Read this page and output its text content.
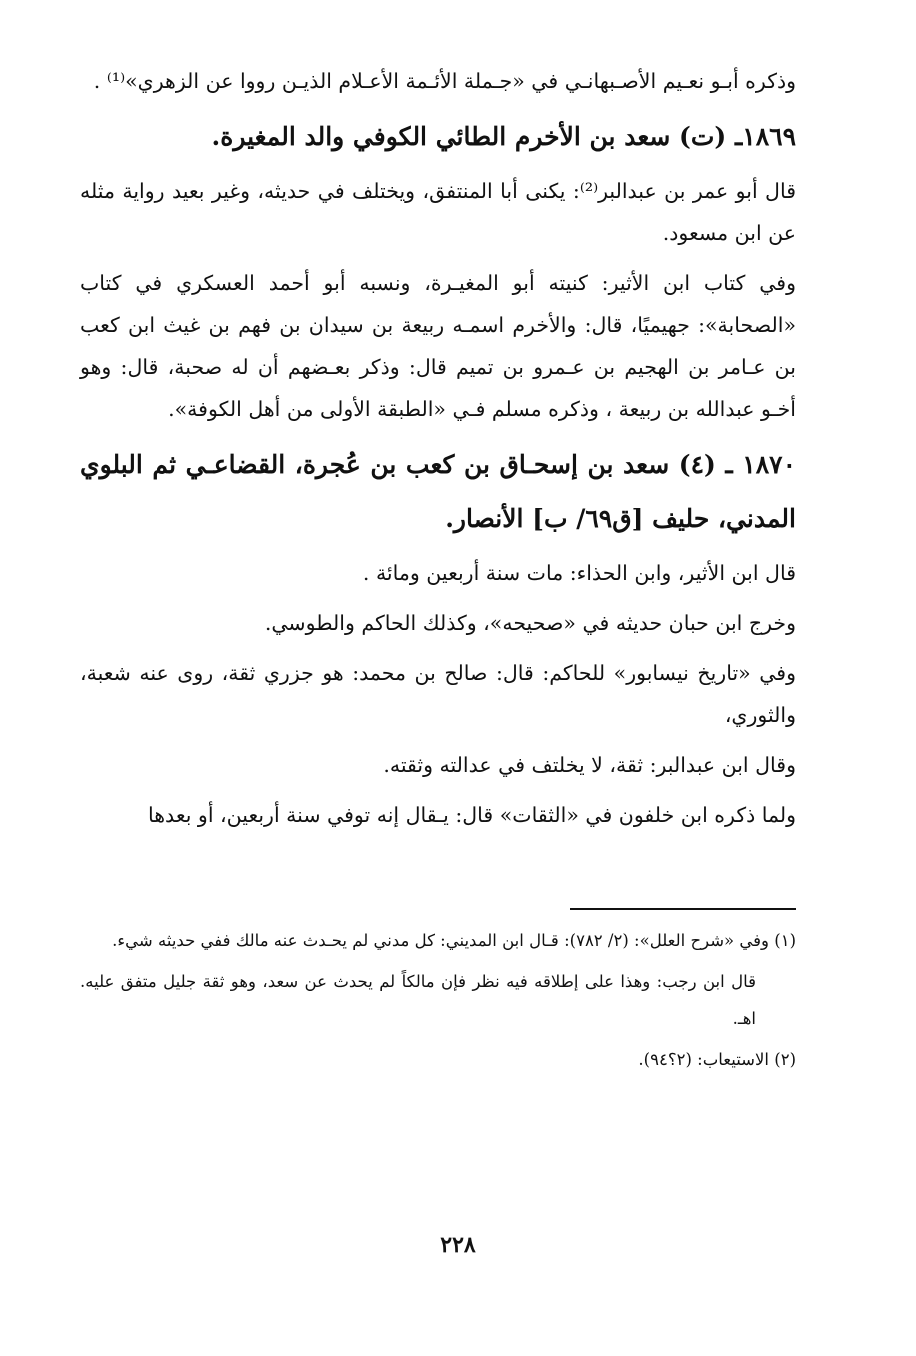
وذكره أبـو نعـيم الأصـبهانـي في «جـملة الأئـمة الأعـلام الذيـن رووا عن الزهري»⁽¹⁾ .

١٨٦٩ـ (ت) سعد بن الأخرم الطائي الكوفي والد المغيرة.

قال أبو عمر بن عبدالبر⁽²⁾: يكنى أبا المنتفق، ويختلف في حديثه، وغير بعيد رواية مثله عن ابن مسعود.

وفي كتاب ابن الأثير: كنيته أبو المغيـرة، ونسبه أبو أحمد العسكري في كتاب «الصحابة»: جهيميًا، قال: والأخرم اسمـه ربيعة بن سيدان بن فهم بن غيث ابن كعب بن عـامر بن الهجيم بن عـمرو بن تميم قال: وذكر بعـضهم أن له صحبة، قال: وهو أخـو عبدالله بن ربيعة ، وذكره مسلم فـي «الطبقة الأولى من أهل الكوفة».

١٨٧٠ ـ (٤) سعد بن إسحـاق بن كعب بن عُجرة، القضاعـي ثم البلوي المدني، حليف [ق٦٩/ ب] الأنصار.

قال ابن الأثير، وابن الحذاء: مات سنة أربعين ومائة .

وخرج ابن حبان حديثه في «صحيحه»، وكذلك الحاكم والطوسي.

وفي «تاريخ نيسابور» للحاكم: قال: صالح بن محمد: هو جزري ثقة، روى عنه شعبة، والثوري،

وقال ابن عبدالبر: ثقة، لا يخلتف في عدالته وثقته.

ولما ذكره ابن خلفون في «الثقات» قال: يـقال إنه توفي سنة أربعين، أو بعدها

(١) وفي «شرح العلل»: (٢/ ٧٨٢): قـال ابن المديني: كل مدني لم يحـدث عنه مالك ففي حديثه شيء.

قال ابن رجب: وهذا على إطلاقه فيه نظر فإن مالكاً لم يحدث عن سعد، وهو ثقة جليل متفق عليه. اهـ.

(٢) الاستيعاب: (٢؟٩٤).

٢٢٨
